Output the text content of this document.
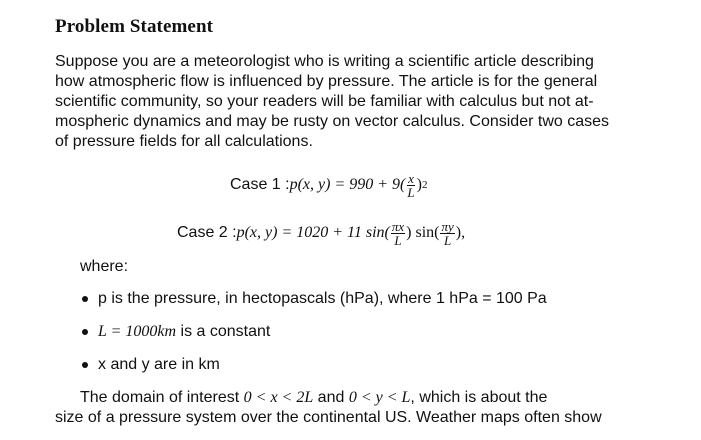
Problem Statement
Suppose you are a meteorologist who is writing a scientific article describing
how atmospheric flow is influenced by pressure. The article is for the general
scientific community, so your readers will be familiar with calculus but not at-
mospheric dynamics and may be rusty on vector calculus. Consider two cases
of pressure fields for all calculations.
Case 1 : p(x, $y) = 990 + 9( \frac{x}{L}$ ) 2
Case 2 : p(x, y) = 1020 + 11 $\sin( \frac{\pi x}{L}$ ) $\sin( \frac{\pi y}{L}$ ),
where:
p is the pressure, in hectopascals (hPa), where 1 hPa = 100 Pa
L = 1000km is a constant
x and y are in km
The domain of interest 0 < x < 2L and 0 < y < L, which is about the
size of a pressure system over the continental US. Weather maps often show
